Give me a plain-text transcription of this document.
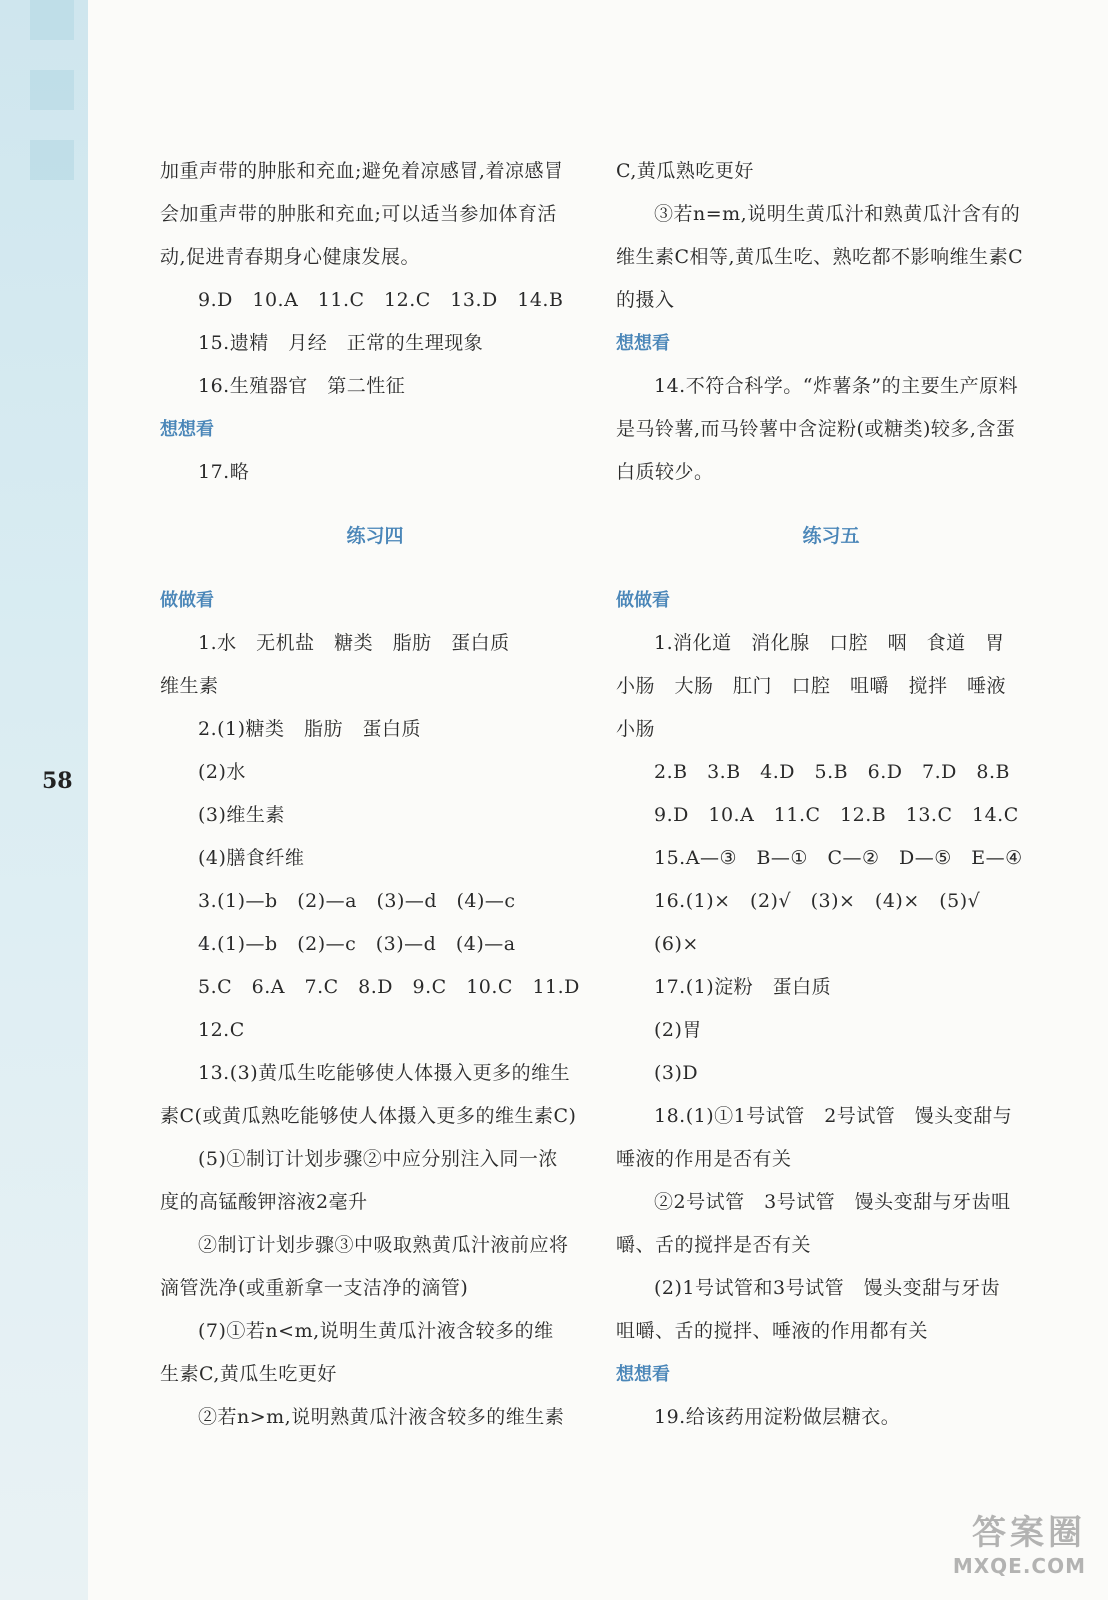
58
加重声带的肿胀和充血;避免着凉感冒,着凉感冒
会加重声带的肿胀和充血;可以适当参加体育活
动,促进青春期身心健康发展。
9.D　10.A　11.C　12.C　13.D　14.B
15.遗精　月经　正常的生理现象
16.生殖器官　第二性征
想想看
17.略
练习四
做做看
1.水　无机盐　糖类　脂肪　蛋白质
维生素
2.(1)糖类　脂肪　蛋白质
(2)水
(3)维生素
(4)膳食纤维
3.(1)—b　(2)—a　(3)—d　(4)—c
4.(1)—b　(2)—c　(3)—d　(4)—a
5.C　6.A　7.C　8.D　9.C　10.C　11.D
12.C
13.(3)黄瓜生吃能够使人体摄入更多的维生
素C(或黄瓜熟吃能够使人体摄入更多的维生素C)
(5)①制订计划步骤②中应分别注入同一浓
度的高锰酸钾溶液2毫升
②制订计划步骤③中吸取熟黄瓜汁液前应将
滴管洗净(或重新拿一支洁净的滴管)
(7)①若n<m,说明生黄瓜汁液含较多的维
生素C,黄瓜生吃更好
②若n>m,说明熟黄瓜汁液含较多的维生素
C,黄瓜熟吃更好
③若n=m,说明生黄瓜汁和熟黄瓜汁含有的
维生素C相等,黄瓜生吃、熟吃都不影响维生素C
的摄入
想想看
14.不符合科学。“炸薯条”的主要生产原料
是马铃薯,而马铃薯中含淀粉(或糖类)较多,含蛋
白质较少。
练习五
做做看
1.消化道　消化腺　口腔　咽　食道　胃
小肠　大肠　肛门　口腔　咀嚼　搅拌　唾液
小肠
2.B　3.B　4.D　5.B　6.D　7.D　8.B
9.D　10.A　11.C　12.B　13.C　14.C
15.A—③　B—①　C—②　D—⑤　E—④
16.(1)×　(2)√　(3)×　(4)×　(5)√
(6)×
17.(1)淀粉　蛋白质
(2)胃
(3)D
18.(1)①1号试管　2号试管　馒头变甜与
唾液的作用是否有关
②2号试管　3号试管　馒头变甜与牙齿咀
嚼、舌的搅拌是否有关
(2)1号试管和3号试管　馒头变甜与牙齿
咀嚼、舌的搅拌、唾液的作用都有关
想想看
19.给该药用淀粉做层糖衣。
答案圈
MXQE.COM
